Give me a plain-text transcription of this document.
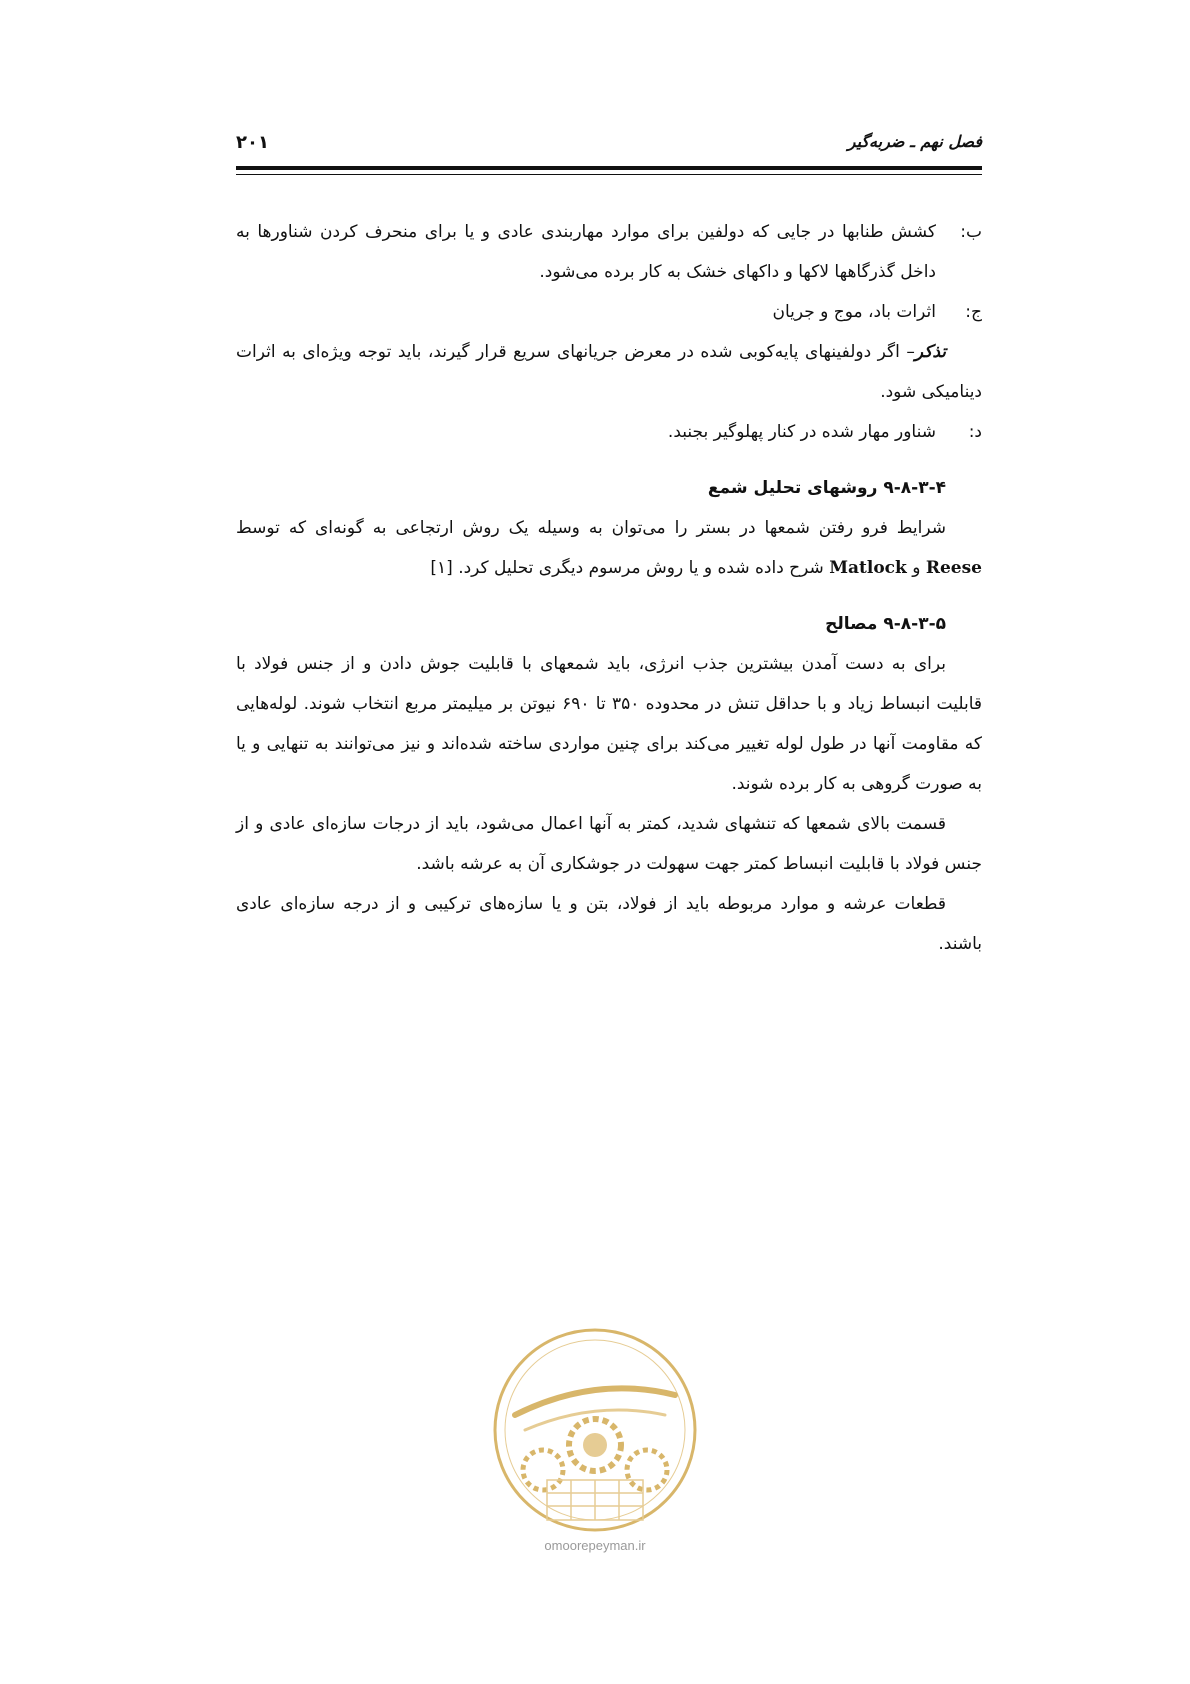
فصل نهم ـ ضربه‌گیر
۲۰۱

ب:
کشش طنابها در جایی که دولفین برای موارد مهاربندی عادی و یا برای منحرف کردن شناورها به داخل گذرگاهها لاکها و داکهای خشک به کار برده می‌شود.

ج:
اثرات باد، موج و جریان

تذکر– اگر دولفینهای پایه‌کوبی شده در معرض جریانهای سریع قرار گیرند، باید توجه ویژه‌ای به اثرات دینامیکی شود.

د:
شناور مهار شده در کنار پهلوگیر بجنبد.

۹-۸-۳-۴ روشهای تحلیل شمع

شرایط فرو رفتن شمعها در بستر را می‌توان به وسیله یک روش ارتجاعی به گونه‌ای که توسط Reese و Matlock شرح داده شده و یا روش مرسوم دیگری تحلیل کرد. [۱]

۹-۸-۳-۵ مصالح

برای به دست آمدن بیشترین جذب انرژی، باید شمعهای با قابلیت جوش دادن و از جنس فولاد با قابلیت انبساط زیاد و با حداقل تنش در محدوده ۳۵۰ تا ۶۹۰ نیوتن بر میلیمتر مربع انتخاب شوند. لوله‌هایی که مقاومت آنها در طول لوله تغییر می‌کند برای چنین مواردی ساخته شده‌اند و نیز می‌توانند به تنهایی و یا به صورت گروهی به کار برده شوند.

قسمت بالای شمعها که تنشهای شدید، کمتر به آنها اعمال می‌شود، باید از درجات سازه‌ای عادی و از جنس فولاد با قابلیت انبساط کمتر جهت سهولت در جوشکاری آن به عرشه باشد.

قطعات عرشه و موارد مربوطه باید از فولاد، بتن و یا سازه‌های ترکیبی و از درجه سازه‌ای عادی باشند.

omoorepeyman.ir
